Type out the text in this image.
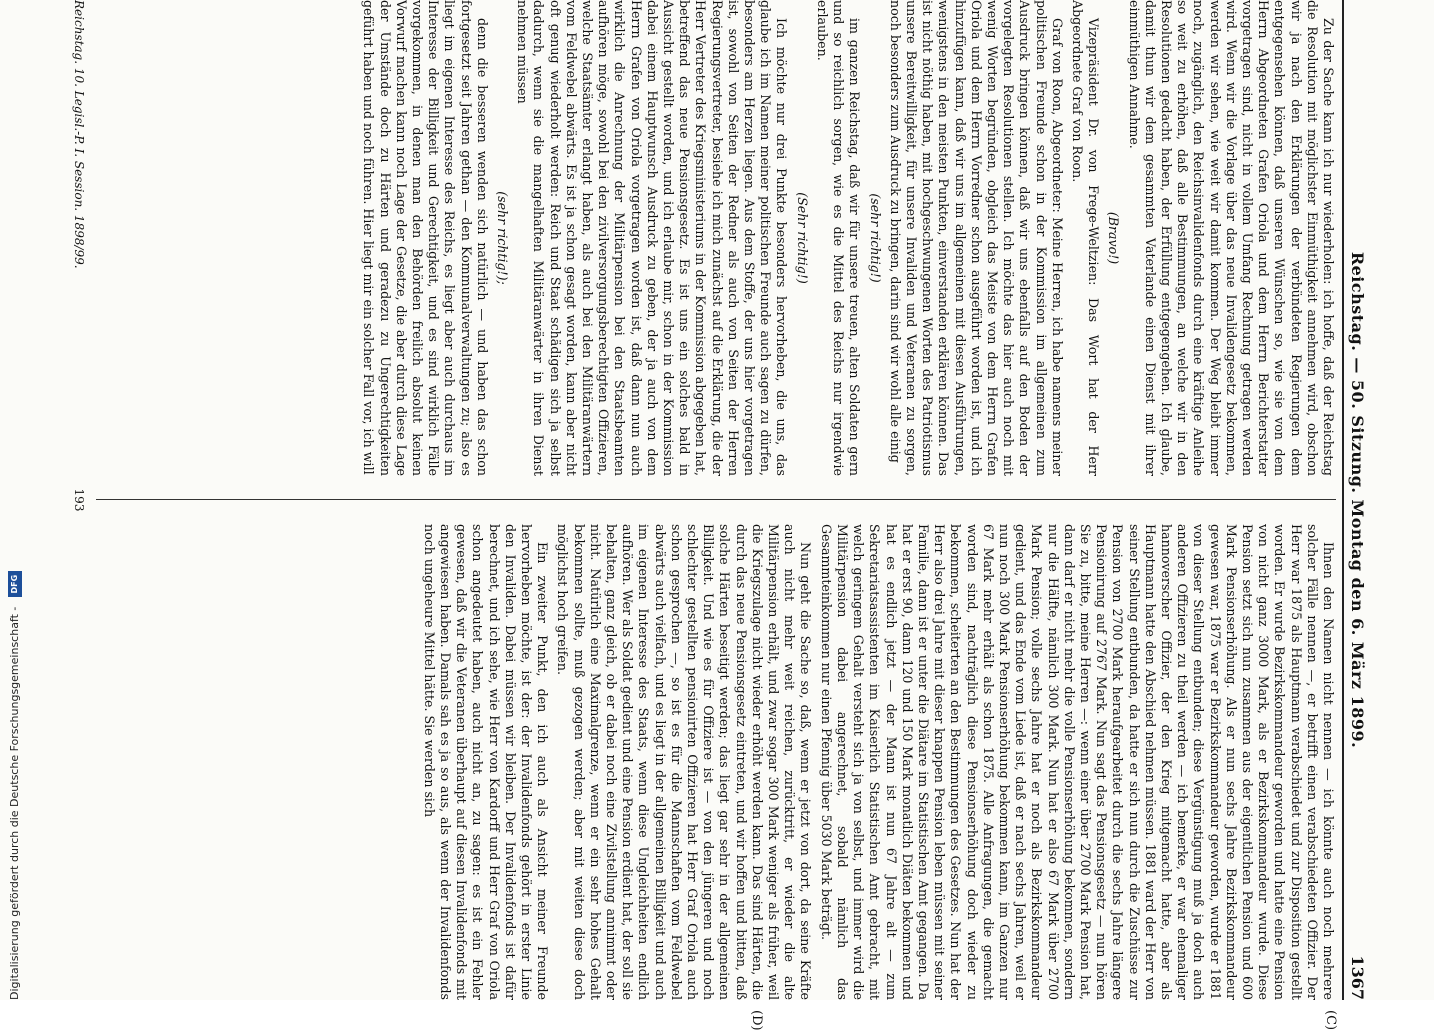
Digitalisierung gefördert durch die Deutsche Forschungsgemeinschaft - DFG	Reichstag. — 50. Sitzung. Montag den 6. März 1899.
1367
(C)
(D)

Zu der Sache kann ich nur wiederholen: ich hoffe, daß der Reichstag die Resolution mit möglichster Einmüthigkeit annehmen wird, obschon wir ja nach den Erklärungen der verbündeten Regierungen dem entgegensehen können, daß unseren Wünschen so, wie sie von dem Herrn Abgeordneten Grafen Oriola und dem Herrn Berichterstatter vorgetragen sind, nicht in vollem Umfang Rechnung getragen werden wird. Wenn wir die Vorlage über das neue Invalidengesetz bekommen, werden wir sehen, wie weit wir damit kommen. Der Weg bleibt immer noch, zugänglich, den Reichsinvalidenfonds durch eine kräftige Anleihe so weit zu erhöhen, daß alle Bestimmungen, an welche wir in den Resolutionen gedacht haben, der Erfüllung entgegengehen. Ich glaube, damit thun wir dem gesammten Vaterlande einen Dienst mit ihrer einmüthigen Annahme.

(Bravo!)

Vizepräsident Dr. von Frege-Weltzien: Das Wort hat der Herr Abgeordnete Graf von Roon.

Graf von Roon, Abgeordneter: Meine Herren, ich habe namens meiner politischen Freunde schon in der Kommission im allgemeinen zum Ausdruck bringen können, daß wir uns ebenfalls auf den Boden der vorgelegten Resolutionen stellen. Ich möchte das hier auch noch mit wenig Worten begründen, obgleich das Meiste von dem Herrn Grafen Oriola und dem Herrn Vorredner schon ausgeführt worden ist, und ich hinzufügen kann, daß wir uns im allgemeinen mit diesen Ausführungen, wenigstens in den meisten Punkten, einverstanden erklären können. Das ist nicht nöthig haben, mit hochgeschwungenen Worten des Patriotismus unsere Bereitwilligkeit, für unsere Invaliden und Veteranen zu sorgen, noch besonders zum Ausdruck zu bringen, darin sind wir wohl alle einig

(sehr richtig!)

im ganzen Reichstag, daß wir für unsere treuen, alten Soldaten gern und so reichlich sorgen, wie es die Mittel des Reichs nur irgendwie erlauben.

(Sehr richtig!)

Ich möchte nur drei Punkte besonders hervorheben, die uns, das glaube ich im Namen meiner politischen Freunde auch sagen zu dürfen, besonders am Herzen liegen. Aus dem Stoffe, der uns hier vorgetragen ist, sowohl von Seiten der Redner als auch von Seiten der Herren Regierungsvertreter, besiehe ich mich zunächst auf die Erklärung, die der Herr Vertreter des Kriegsministeriums in der Kommission abgegeben hat, betreffend das neue Pensionsgesetz. Es ist uns ein solches bald in Aussicht gestellt worden, und ich erlaube mir, schon in der Kommission dabei einem Hauptwunsch Ausdruck zu geben, der ja auch von dem Herrn Grafen von Oriola vorgetragen worden ist, daß dann nun auch wirklich die Anrechnung der Militärpension bei den Staatsbeamten aufhören möge, sowohl bei den zivilversorgungsberechtigten Offizieren, welche Staatsämter erlangt haben, als auch bei den Militäranwärtern vom Feldwebel abwärts. Es ist ja schon gesagt worden, kann aber nicht oft genug wiederholt werden: Reich und Staat schädigen sich ja selbst dadurch, wenn sie die mangelhaften Militäranwärter in ihren Dienst nehmen müssen

(sehr richtig!);

denn die besseren wenden sich natürlich — und haben das schon fortgesetzt seit Jahren gethan — den Kommunalverwaltungen zu; also es liegt im eigenen Interesse des Reichs, es liegt aber auch durchaus im Interesse der Billigkeit und Gerechtigkeit, und es sind wirklich Fälle vorgekommen, in denen man den Behörden freilich absolut keinen Vorwurf machen kann noch Lage der Gesetze, die aber durch diese Lage der Umstände doch zu Härten und geradezu zu Ungerechtigkeiten geführt haben und noch führen. Hier liegt mir ein solcher Fall vor, ich will

Ihnen den Namen nicht nennen — ich könnte auch noch mehrere solcher Fälle nennen —, er betrifft einen verabschiedeten Offizier. Der Herr war 1875 als Hauptmann verabschiedet und zur Disposition gestellt worden. Er wurde Bezirkskommandeur geworden und hatte eine Pension von nicht ganz 3000 Mark, als er Bezirkskommandeur wurde. Diese Pension setzt sich nun zusammen aus der eigentlichen Pension und 600 Mark Pensionserhöhung. Als er nun sechs Jahre Bezirkskommandeur gewesen war, 1875 war er Bezirkskommandeur geworden, wurde er 1881 von dieser Stellung entbunden; diese Vergünstigung muß ja doch auch anderen Offizieren zu theil werden — ich bemerke, er war ehemaliger hannoverscher Offizier, der den Krieg mitgemacht hatte, aber als Hauptmann hatte den Abschied nehmen müssen. 1881 ward der Herr von seiner Stellung entbunden, da hatte er sich nun durch die Zuschüsse zur Pension von 2700 Mark heraufgearbeitet durch die sechs Jahre längere Pensionirung auf 2767 Mark. Nun sagt das Pensionsgesetz — nun hören Sie zu, bitte, meine Herren —: wenn einer über 2700 Mark Pension hat, dann darf er nicht mehr die volle Pensionserhöhung bekommen, sondern nur die Hälfte, nämlich 300 Mark. Nun hat er also 67 Mark über 2700 Mark Pension; volle sechs Jahre hat er noch als Bezirkskommandeur gedient, und das Ende vom Liede ist, daß er nach sechs Jahren, weil er nun noch 300 Mark Pensionserhöhung bekommen kann, im Ganzen nur 67 Mark mehr erhält als schon 1875. Alle Anfragungen, die gemacht worden sind, nachträglich diese Pensionserhöhung doch wieder zu bekommen, scheiterten an den Bestimmungen des Gesetzes. Nun hat der Herr also drei Jahre mit dieser knappen Pension leben müssen mit seiner Familie, dann ist er unter die Diätare im Statistischen Amt gegangen. Da hat er erst 90, dann 120 und 150 Mark monatlich Diäten bekommen und hat es endlich jetzt — der Mann ist nun 67 Jahre alt — zum Sekretariatsassistenten im Kaiserlich Statistischen Amt gebracht, mit welch geringem Gehalt versteht sich ja von selbst, und immer wird die Militärpension dabei angerechnet, sobald nämlich das Gesammteinkommen nur einen Pfennig über 5030 Mark beträgt.

Nun geht die Sache so, daß, wenn er jetzt von dort, da seine Kräfte auch nicht mehr weit reichen, zurücktritt, er wieder die alte Militärpension erhält, und zwar sogar 300 Mark weniger als früher, weil die Kriegszulage nicht wieder erhöht werden kann. Das sind Härten, die durch das neue Pensionsgesetz eintreten, und wir hoffen und bitten, daß solche Härten beseitigt werden; das liegt gar sehr in der allgemeinen Billigkeit. Und wie es für Offiziere ist — von den jüngeren und noch schlechter gestellten pensionirten Offizieren hat Herr Graf Oriola auch schon gesprochen —, so ist es für die Mannschaften vom Feldwebel abwärts auch vielfach, und es liegt in der allgemeinen Billigkeit und auch im eigenen Interesse des Staats, wenn diese Ungleichheiten endlich aufhören. Wer als Soldat gedient und eine Pension erdient hat, der soll sie behalten, ganz gleich, ob er dabei noch eine Zivilstellung annimmt oder nicht. Natürlich eine Maximalgrenze, wenn er ein sehr hohes Gehalt bekommen sollte, muß gezogen werden; aber mit weiten diese doch möglichst hoch greifen.

Ein zweiter Punkt, den ich auch als Ansicht meiner Freunde hervorheben möchte, ist der: der Invalidenfonds gehört in erster Linie den Invaliden. Dabei müssen wir bleiben. Der Invalidenfonds ist dafür berechnet, und ich sehe, wie Herr von Kardorff und Herr Graf von Oriola schon angedeutet haben, auch nicht an, zu sagen: es ist ein Fehler gewesen, daß wir die Veteranen überhaupt auf diesen Invalidenfonds mit angewiesen haben. Damals sah es ja so aus, als wenn der Invalidenfonds noch ungeheure Mittel hätte. Sie werden sich

Reichstag. 10. Legisl.-P. I. Session. 1898/99.
193
